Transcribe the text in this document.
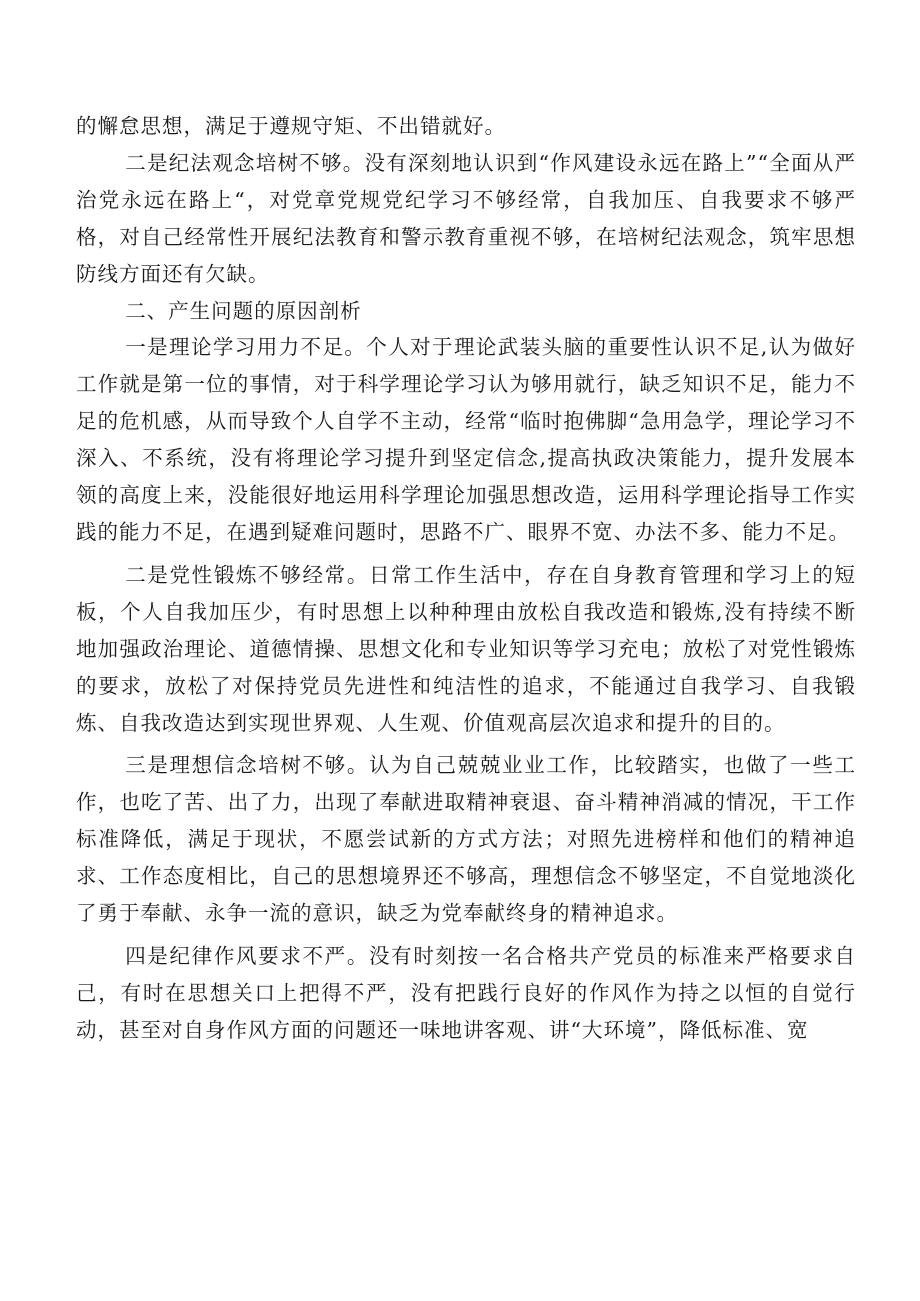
的懈怠思想，满足于遵规守矩、不出错就好。

二是纪法观念培树不够。没有深刻地认识到“作风建设永远在路上”“全面从严治党永远在路上“，对党章党规党纪学习不够经常，自我加压、自我要求不够严格，对自己经常性开展纪法教育和警示教育重视不够，在培树纪法观念，筑牢思想防线方面还有欠缺。

二、产生问题的原因剖析

一是理论学习用力不足。个人对于理论武装头脑的重要性认识不足,认为做好工作就是第一位的事情，对于科学理论学习认为够用就行，缺乏知识不足，能力不足的危机感，从而导致个人自学不主动，经常“临时抱佛脚“急用急学，理论学习不深入、不系统，没有将理论学习提升到坚定信念,提高执政决策能力，提升发展本领的高度上来，没能很好地运用科学理论加强思想改造，运用科学理论指导工作实践的能力不足，在遇到疑难问题时，思路不广、眼界不宽、办法不多、能力不足。

二是党性锻炼不够经常。日常工作生活中，存在自身教育管理和学习上的短板，个人自我加压少，有时思想上以种种理由放松自我改造和锻炼,没有持续不断地加强政治理论、道德情操、思想文化和专业知识等学习充电；放松了对党性锻炼的要求，放松了对保持党员先进性和纯洁性的追求，不能通过自我学习、自我锻炼、自我改造达到实现世界观、人生观、价值观高层次追求和提升的目的。

三是理想信念培树不够。认为自己兢兢业业工作，比较踏实，也做了一些工作，也吃了苦、出了力，出现了奉献进取精神衰退、奋斗精神消减的情况，干工作标准降低，满足于现状，不愿尝试新的方式方法；对照先进榜样和他们的精神追求、工作态度相比，自己的思想境界还不够高，理想信念不够坚定，不自觉地淡化了勇于奉献、永争一流的意识，缺乏为党奉献终身的精神追求。

四是纪律作风要求不严。没有时刻按一名合格共产党员的标准来严格要求自己，有时在思想关口上把得不严，没有把践行良好的作风作为持之以恒的自觉行动，甚至对自身作风方面的问题还一味地讲客观、讲“大环境”，降低标准、宽
